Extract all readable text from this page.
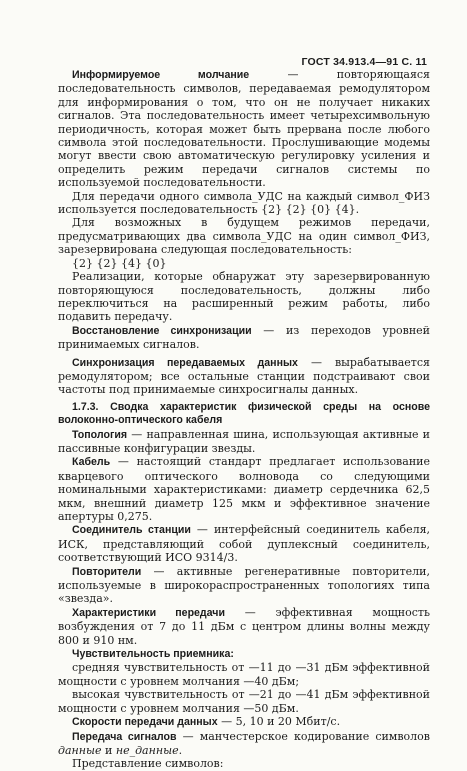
ГОСТ 34.913.4—91 С. 11

Информируемое молчание — повторяющаяся последовательность символов, передаваемая ремодулятором для информирования о том, что он не получает никаких сигналов. Эта последовательность имеет четырехсимвольную периодичность, которая может быть прервана после любого символа этой последовательности. Прослушивающие модемы могут ввести свою автоматическую регулировку усиления и определить режим передачи сигналов системы по используемой последовательности.

Для передачи одного символа_УДС на каждый символ_ФИЗ используется последовательность {2} {2} {0} {4}.

Для возможных в будущем режимов передачи, предусматривающих два символа_УДС на один символ_ФИЗ, зарезервирована следующая последовательность:

{2} {2} {4} {0}

Реализации, которые обнаружат эту зарезервированную повторяющуюся последовательность, должны либо переключиться на расширенный режим работы, либо подавить передачу.

Восстановление синхронизации — из переходов уровней принимаемых сигналов.

Синхронизация передаваемых данных — вырабатывается ремодулятором; все остальные станции подстраивают свои частоты под принимаемые синхросигналы данных.

1.7.3. Сводка характеристик физической среды на основе волоконно-оптического кабеля

Топология — направленная шина, использующая активные и пассивные конфигурации звезды.

Кабель — настоящий стандарт предлагает использование кварцевого оптического волновода со следующими номинальными характеристиками: диаметр сердечника 62,5 мкм, внешний диаметр 125 мкм и эффективное значение апертуры 0,275.

Соединитель станции — интерфейсный соединитель кабеля, ИСК, представляющий собой дуплексный соединитель, соответствующий ИСО 9314/3.

Повторители — активные регенеративные повторители, используемые в широкораспространенных топологиях типа «звезда».

Характеристики передачи — эффективная мощность возбуждения от 7 до 11 дБм с центром длины волны между 800 и 910 нм.

Чувствительность приемника:

средняя чувствительность от —11 до —31 дБм эффективной мощности с уровнем молчания —40 дБм;

высокая чувствительность от —21 до —41 дБм эффективной мощности с уровнем молчания —50 дБм.

Скорости передачи данных — 5, 10 и 20 Мбит/с.

Передача сигналов — манчестерское кодирование символов данные и не_данные.

Представление символов:
